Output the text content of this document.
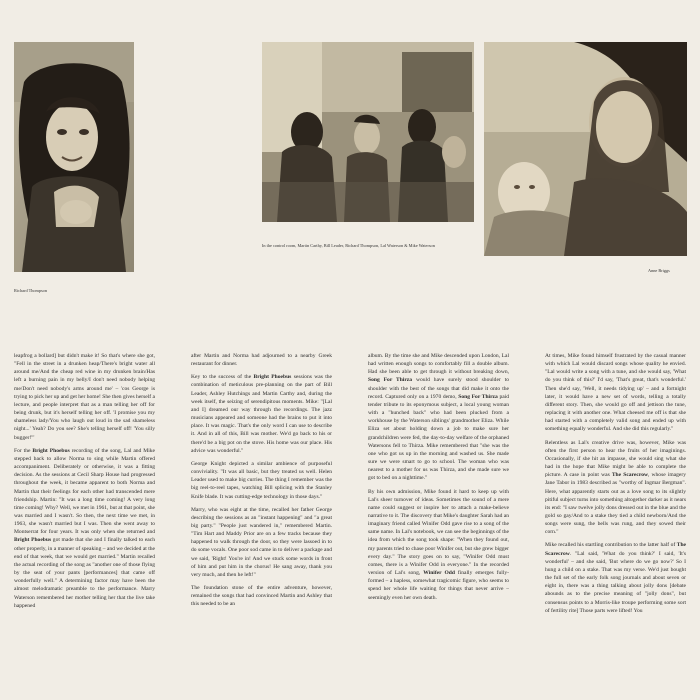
Richard Thompson
In the control room, Martin Carthy, Bill Leader, Richard Thompson, Lal Waterson & Mike Waterson
Anne Briggs

leapfrog a bollard] but didn't make it! So that's where she got, "Fell in the street in a drunken heap/There's bright water all around me/And the cheap red wine in my drunken brain/Has left a burning pain in my belly/I don't need nobody helping me/Don't need nobody's arms around me' – 'cos George is trying to pick her up and get her home! She then gives herself a lecture, and people interpret that as a man telling her off for being drunk, but it's herself telling her off. 'I promise you my shameless lady/You who laugh out loud in the sad shameless night...' Yeah? Do you see? She's telling herself off! 'You silly bugger!'"

For the Bright Phoebus recording of the song, Lal and Mike stepped back to allow Norma to sing while Martin offered accompaniment. Deliberately or otherwise, it was a fitting decision. As the sessions at Cecil Sharp House had progressed throughout the week, it became apparent to both Norma and Martin that their feelings for each other had transcended mere friendship. Martin: "It was a long time coming! A very long time coming! Why? Well, we met in 1961, but at that point, she was married and I wasn't. So then, the next time we met, in 1963, she wasn't married but I was. Then she went away to Montserrat for four years. It was only when she returned and Bright Phoebus got made that she and I finally talked to each other properly, in a manner of speaking – and we decided at the end of that week, that we would get married." Martin recalled the actual recording of the song as "another one of those flying by the seat of your pants [performances] that came off wonderfully well." A determining factor may have been the almost melodramatic preamble to the performance. Marry Waterson remembered her mother telling her that the live take happened

after Martin and Norma had adjourned to a nearby Greek restaurant for dinner.

Key to the success of the Bright Phoebus sessions was the combination of meticulous pre-planning on the part of Bill Leader, Ashley Hutchings and Martin Carthy and, during the week itself, the seizing of serendipitous moments. Mike: "[Lal and I] dreamed our way through the recordings. The jazz musicians appeared and someone had the brains to put it into place. It was magic. That's the only word I can use to describe it. And in all of this, Bill was mother. We'd go back to his or there'd be a big pot on the stove. His home was our place. His advice was wonderful."

George Knight depicted a similar ambience of purposeful conviviality. "It was all basic, but they treated us well. Helen Leader used to make big curries. The thing I remember was the big reel-to-reel tapes, watching Bill splicing with the Stanley Knife blade. It was cutting-edge technology in those days."

Marry, who was eight at the time, recalled her father George describing the sessions as an "instant happening" and "a great big party." "People just wandered in," remembered Martin. "Tim Hart and Maddy Prior are on a few tracks because they happened to walk through the door, so they were lassoed in to do some vocals. One poor sod came in to deliver a package and we said, 'Right! You're in! And we stuck some words in front of him and put him in the chorus! He sang away, thank you very much, and then he left!"

The foundation stone of the entire adventure, however, remained the songs that had convinced Martin and Ashley that this needed to be an

album. By the time she and Mike descended upon London, Lal had written enough songs to comfortably fill a double album. Had she been able to get through it without breaking down, Song For Thirza would have surely stood shoulder to shoulder with the best of the songs that did make it onto the record. Captured only on a 1970 demo, Song For Thirza paid tender tribute to its eponymous subject, a local young woman with a "hunched back" who had been plucked from a workhouse by the Waterson siblings' grandmother Eliza. While Eliza set about holding down a job to make sure her grandchildren were fed, the day-to-day welfare of the orphaned Watersons fell to Thirza. Mike remembered that "she was the one who got us up in the morning and washed us. She made sure we were smart to go to school. The woman who was nearest to a mother for us was Thirza, and she made sure we got to bed on a nighttime."

By his own admission, Mike found it hard to keep up with Lal's sheer turnover of ideas. Sometimes the sound of a mere name could suggest or inspire her to attach a make-believe narrative to it. The discovery that Mike's daughter Sarah had an imaginary friend called Winifer Odd gave rise to a song of the same name. In Lal's notebook, we can see the beginnings of the idea from which the song took shape: "When they found out, my parents tried to chase poor Winifer out, but she grew bigger every day." The story goes on to say, "Winifer Odd must comes, there is a Winifer Odd in everyone." In the recorded version of Lal's song, Winifer Odd finally emerges fully-formed – a hapless, somewhat tragicomic figure, who seems to spend her whole life waiting for things that never arrive – seemingly even her own death.

At times, Mike found himself frustrated by the casual manner with which Lal would discard songs whose quality he envied. "Lal would write a song with a tune, and she would say, 'What do you think of this?' I'd say, 'That's great, that's wonderful.' Then she'd say, 'Well, it needs tidying up' – and a fortnight later, it would have a new set of words, telling a totally different story. Then, she would go off and jettison the tune, replacing it with another one. What cheesed me off is that she had started with a completely valid song and ended up with something equally wonderful. And she did this regularly."

Relentless as Lal's creative drive was, however, Mike was often the first person to hear the fruits of her imaginings. Occasionally, if she hit an impasse, she would sing what she had in the hope that Mike might be able to complete the picture. A case in point was The Scarecrow, whose imagery Jane Tabor in 1983 described as "worthy of Ingmar Bergman". Here, what apparently starts out as a love song to its slightly pitiful subject turns into something altogether darker as it nears its end: "I saw twelve jolly dons dressed out in the blue and the gold so gay/And to a stake they tied a child newborn/And the songs were sung, the bells was rung, and they sowed their corn."

Mike recalled his startling contribution to the latter half of The Scarecrow. "Lal said, 'What do you think?' I said, 'It's wonderful' – and she said, 'But where do we go now?' So I hung a child on a stake. That was my verse. We'd just bought the full set of the early folk song journals and about seven or eight in, there was a thing talking about jolly dons [debate abounds as to the precise meaning of "jolly dons", but consensus points to a Morris-like troupe performing some sort of fertility rite] Those parts were lifted! You
